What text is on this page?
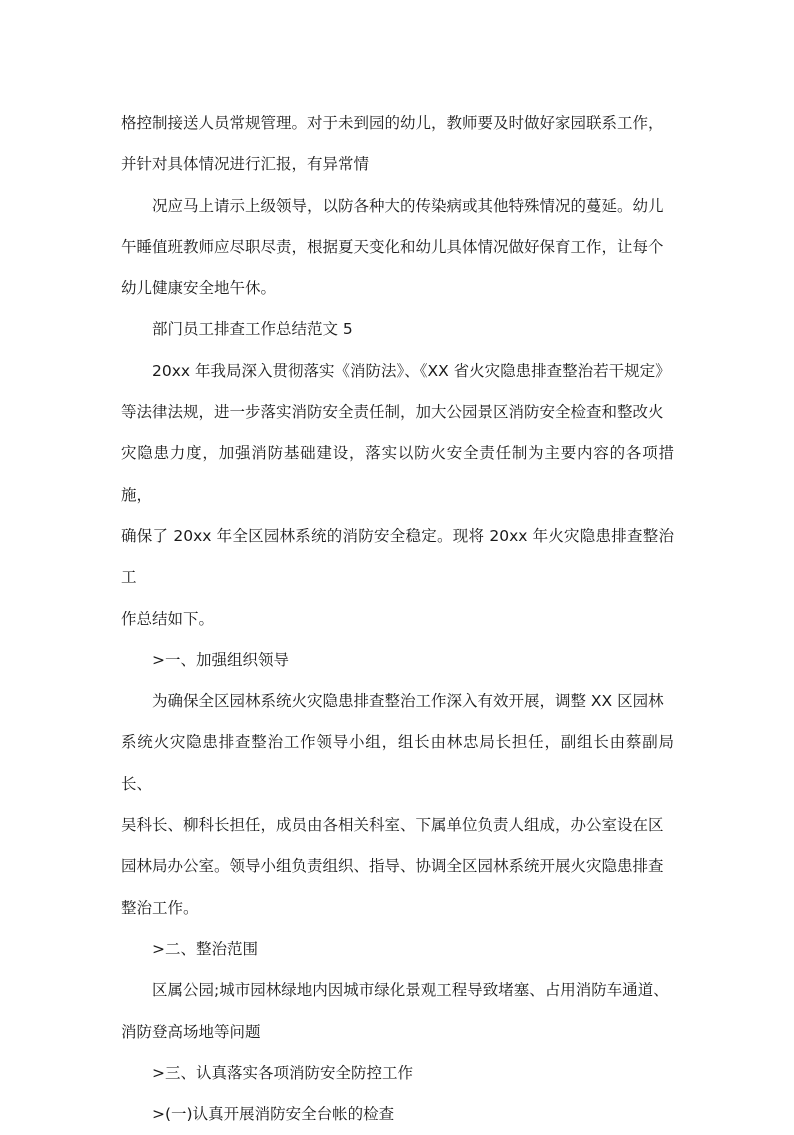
格控制接送人员常规管理。对于未到园的幼儿，教师要及时做好家园联系工作，
并针对具体情况进行汇报，有异常情

况应马上请示上级领导，以防各种大的传染病或其他特殊情况的蔓延。幼儿
午睡值班教师应尽职尽责，根据夏天变化和幼儿具体情况做好保育工作，让每个
幼儿健康安全地午休。

部门员工排查工作总结范文 5

20xx 年我局深入贯彻落实《消防法》、《XX 省火灾隐患排查整治若干规定》
等法律法规，进一步落实消防安全责任制，加大公园景区消防安全检查和整改火
灾隐患力度，加强消防基础建设，落实以防火安全责任制为主要内容的各项措施，
确保了 20xx 年全区园林系统的消防安全稳定。现将 20xx 年火灾隐患排查整治工
作总结如下。

>一、加强组织领导

为确保全区园林系统火灾隐患排查整治工作深入有效开展，调整 XX 区园林
系统火灾隐患排查整治工作领导小组，组长由林忠局长担任，副组长由蔡副局长、
吴科长、柳科长担任，成员由各相关科室、下属单位负责人组成，办公室设在区
园林局办公室。领导小组负责组织、指导、协调全区园林系统开展火灾隐患排查
整治工作。

>二、整治范围

区属公园;城市园林绿地内因城市绿化景观工程导致堵塞、占用消防车通道、
消防登高场地等问题

>三、认真落实各项消防安全防控工作

>(一)认真开展消防安全台帐的检查
